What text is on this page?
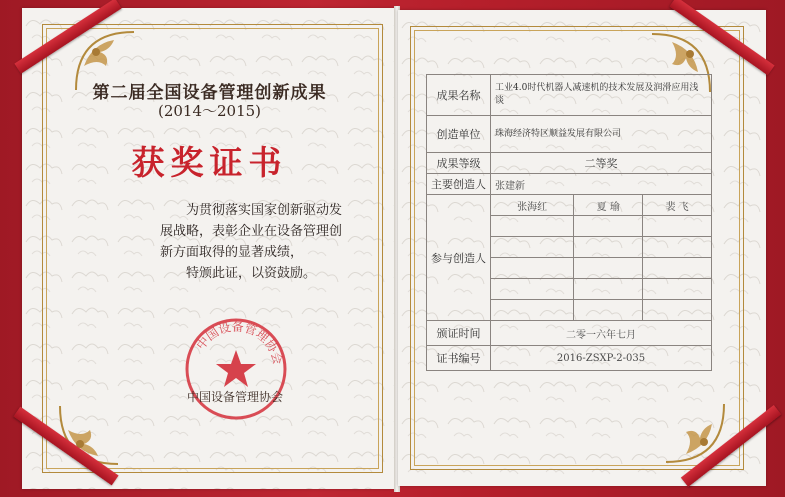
第二届全国设备管理创新成果
(2014～2015)
获奖证书

为贯彻落实国家创新驱动发展战略，表彰企业在设备管理创新方面取得的显著成绩，

特颁此证，以资鼓励。

中国设备管理协会
中国设备管理协会
成果名称	工业4.0时代机器人减速机的技术发展及润滑应用浅谈		
创造单位	珠海经济特区顺益发展有限公司		
成果等级	二等奖		
主要创造人	张建新		
参与创造人	张海红	夏 瑜	裴 飞

颁证时间	二零一六年七月		
证书编号	2016-ZSXP-2-035		
